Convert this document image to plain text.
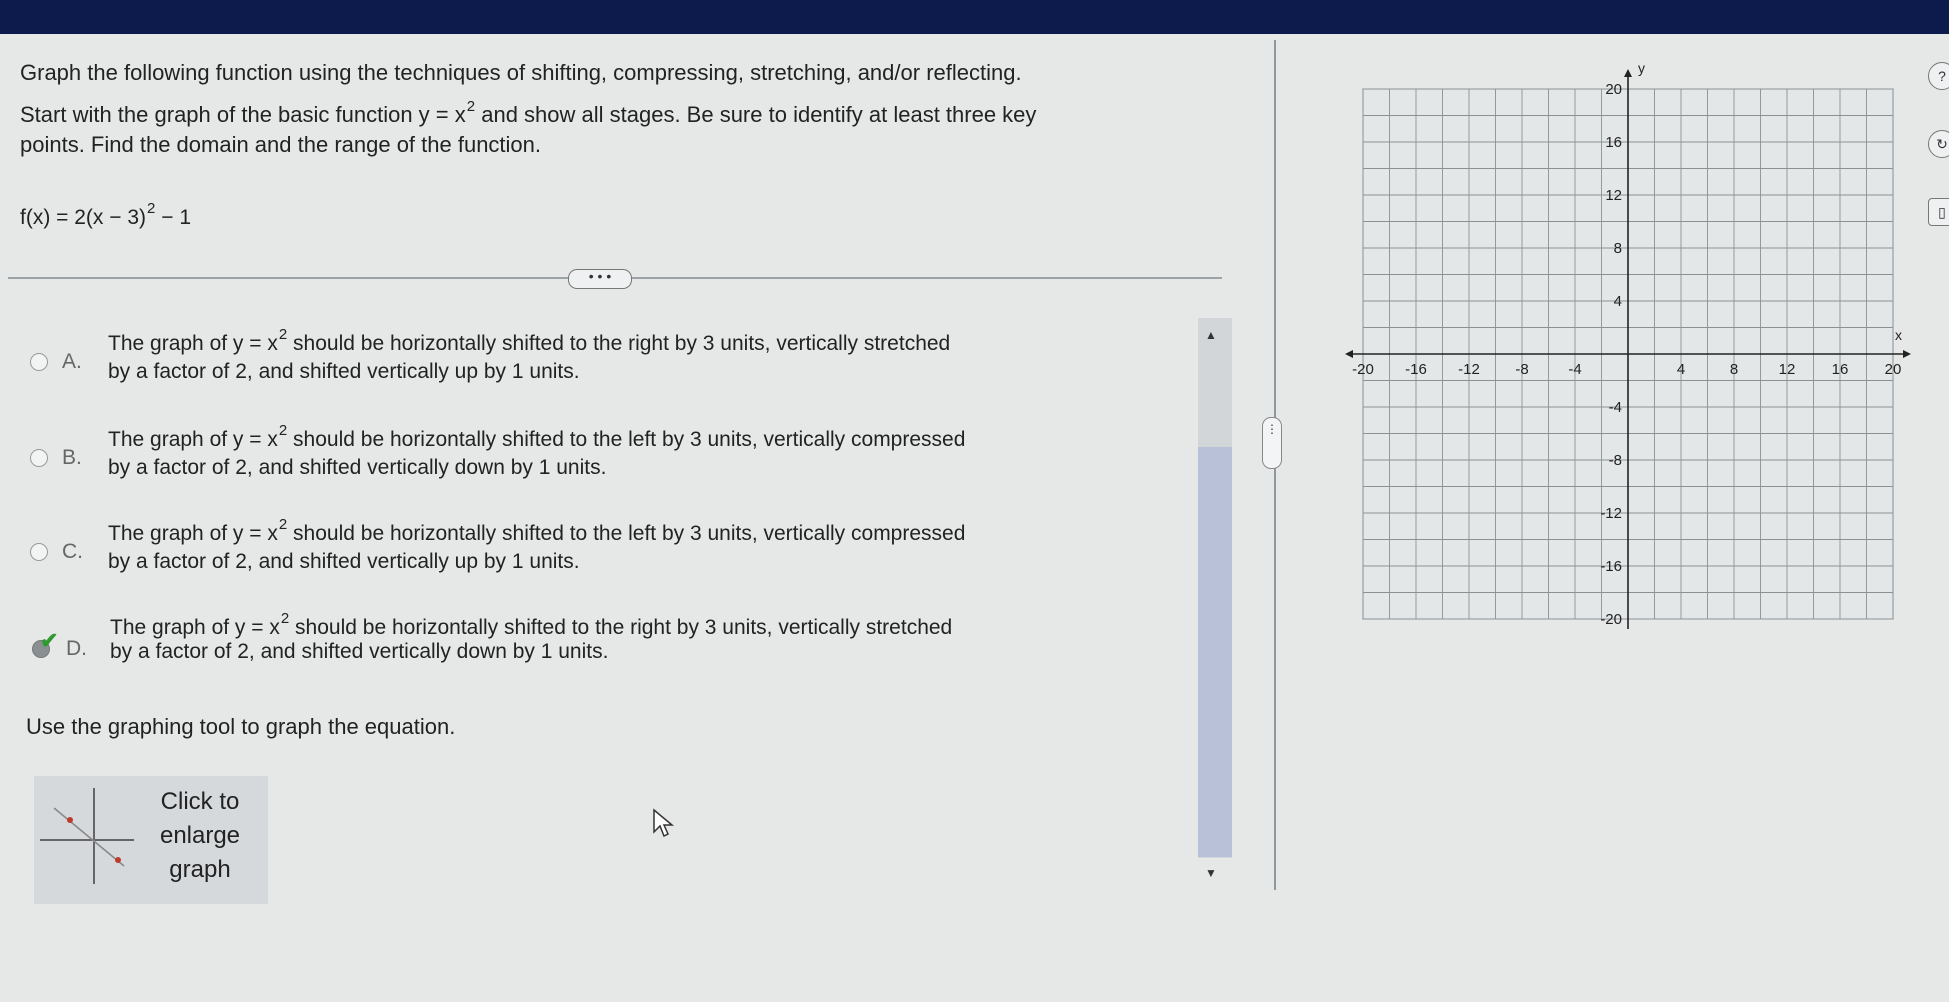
Graph the following function using the techniques of shifting, compressing, stretching, and/or reflecting.
Start with the graph of the basic function $y = x^2$ and show all stages. Be sure to identify at least three key
points. Find the domain and the range of the function.
$f(x) = 2(x - 3)^2 - 1$
• • •
A.
The graph of $y = x^2$ should be horizontally shifted to the right by 3 units, vertically stretched
by a factor of 2, and shifted vertically up by 1 units.
B.
The graph of $y = x^2$ should be horizontally shifted to the left by 3 units, vertically compressed
by a factor of 2, and shifted vertically down by 1 units.
C.
The graph of $y = x^2$ should be horizontally shifted to the left by 3 units, vertically compressed
by a factor of 2, and shifted vertically up by 1 units.
✔ D.
The graph of $y = x^2$ should be horizontally shifted to the right by 3 units, vertically stretched
by a factor of 2, and shifted vertically down by 1 units.
Use the graphing tool to graph the equation.
Click to
enlarge
graph
▲
▼
⋮
x
y
-20 -16 -12 -8	-4	4	8	12 16 20
20
16
12
8
4
-4
-8
-12
-16
-20
?
↻
▯
